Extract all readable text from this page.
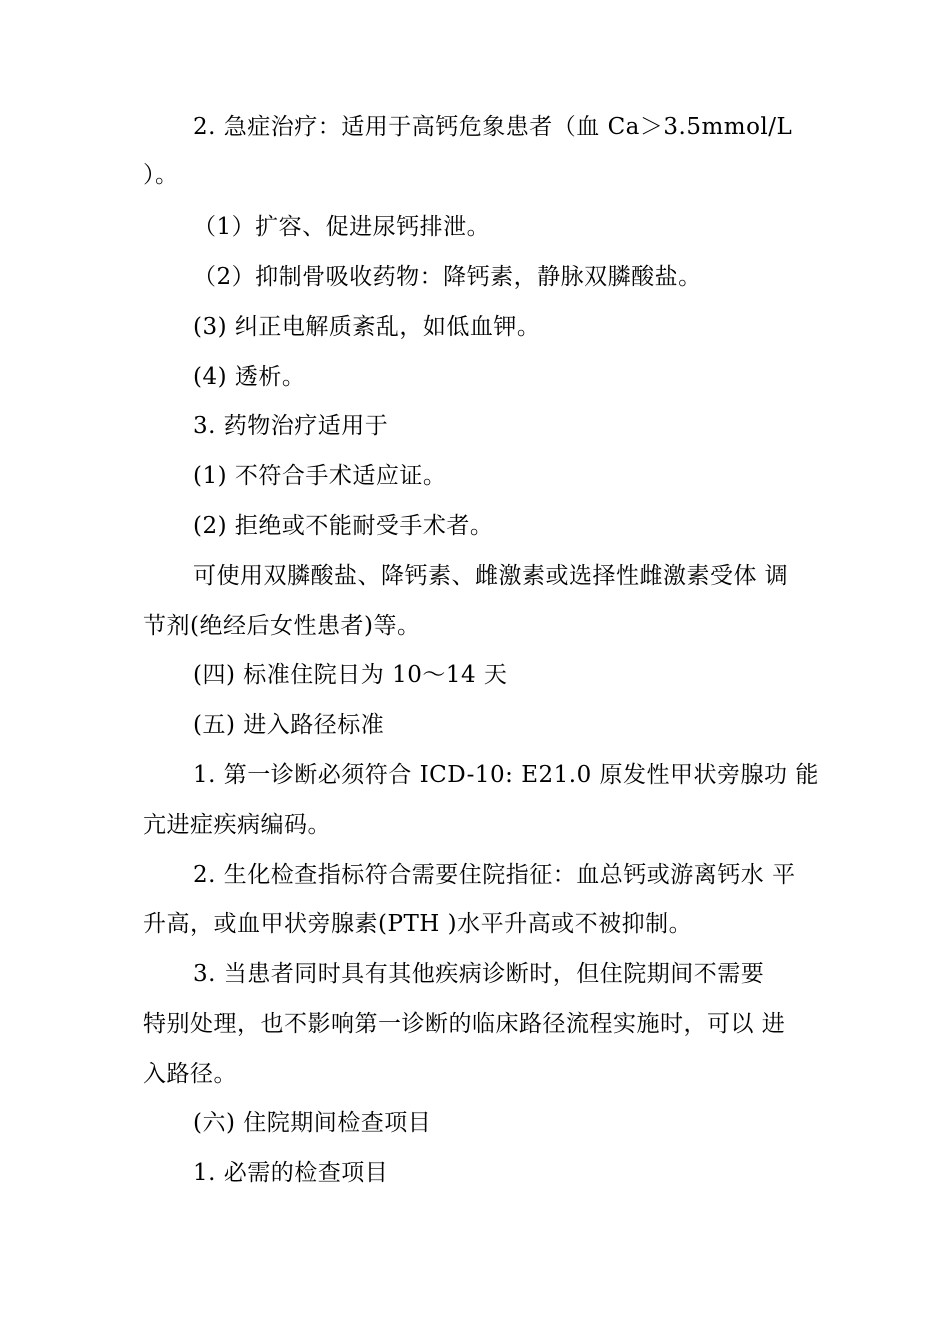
2. 急症治疗：适用于高钙危象患者（血 Ca＞3.5mmol/L
）。
（1）扩容、促进尿钙排泄。
（2）抑制骨吸收药物：降钙素，静脉双膦酸盐。
(3) 纠正电解质紊乱，如低血钾。
(4) 透析。
3. 药物治疗适用于
(1) 不符合手术适应证。
(2) 拒绝或不能耐受手术者。
可使用双膦酸盐、降钙素、雌激素或选择性雌激素受体 调
节剂(绝经后女性患者)等。
(四) 标准住院日为 10〜14 天
(五) 进入路径标准
1. 第一诊断必须符合 ICD-10: E21.0 原发性甲状旁腺功 能
亢进症疾病编码。
2. 生化检查指标符合需要住院指征：血总钙或游离钙水 平
升高，或血甲状旁腺素(PTH )水平升高或不被抑制。
3. 当患者同时具有其他疾病诊断时，但住院期间不需要
特别处理，也不影响第一诊断的临床路径流程实施时，可以 进
入路径。
(六) 住院期间检查项目
1. 必需的检查项目
